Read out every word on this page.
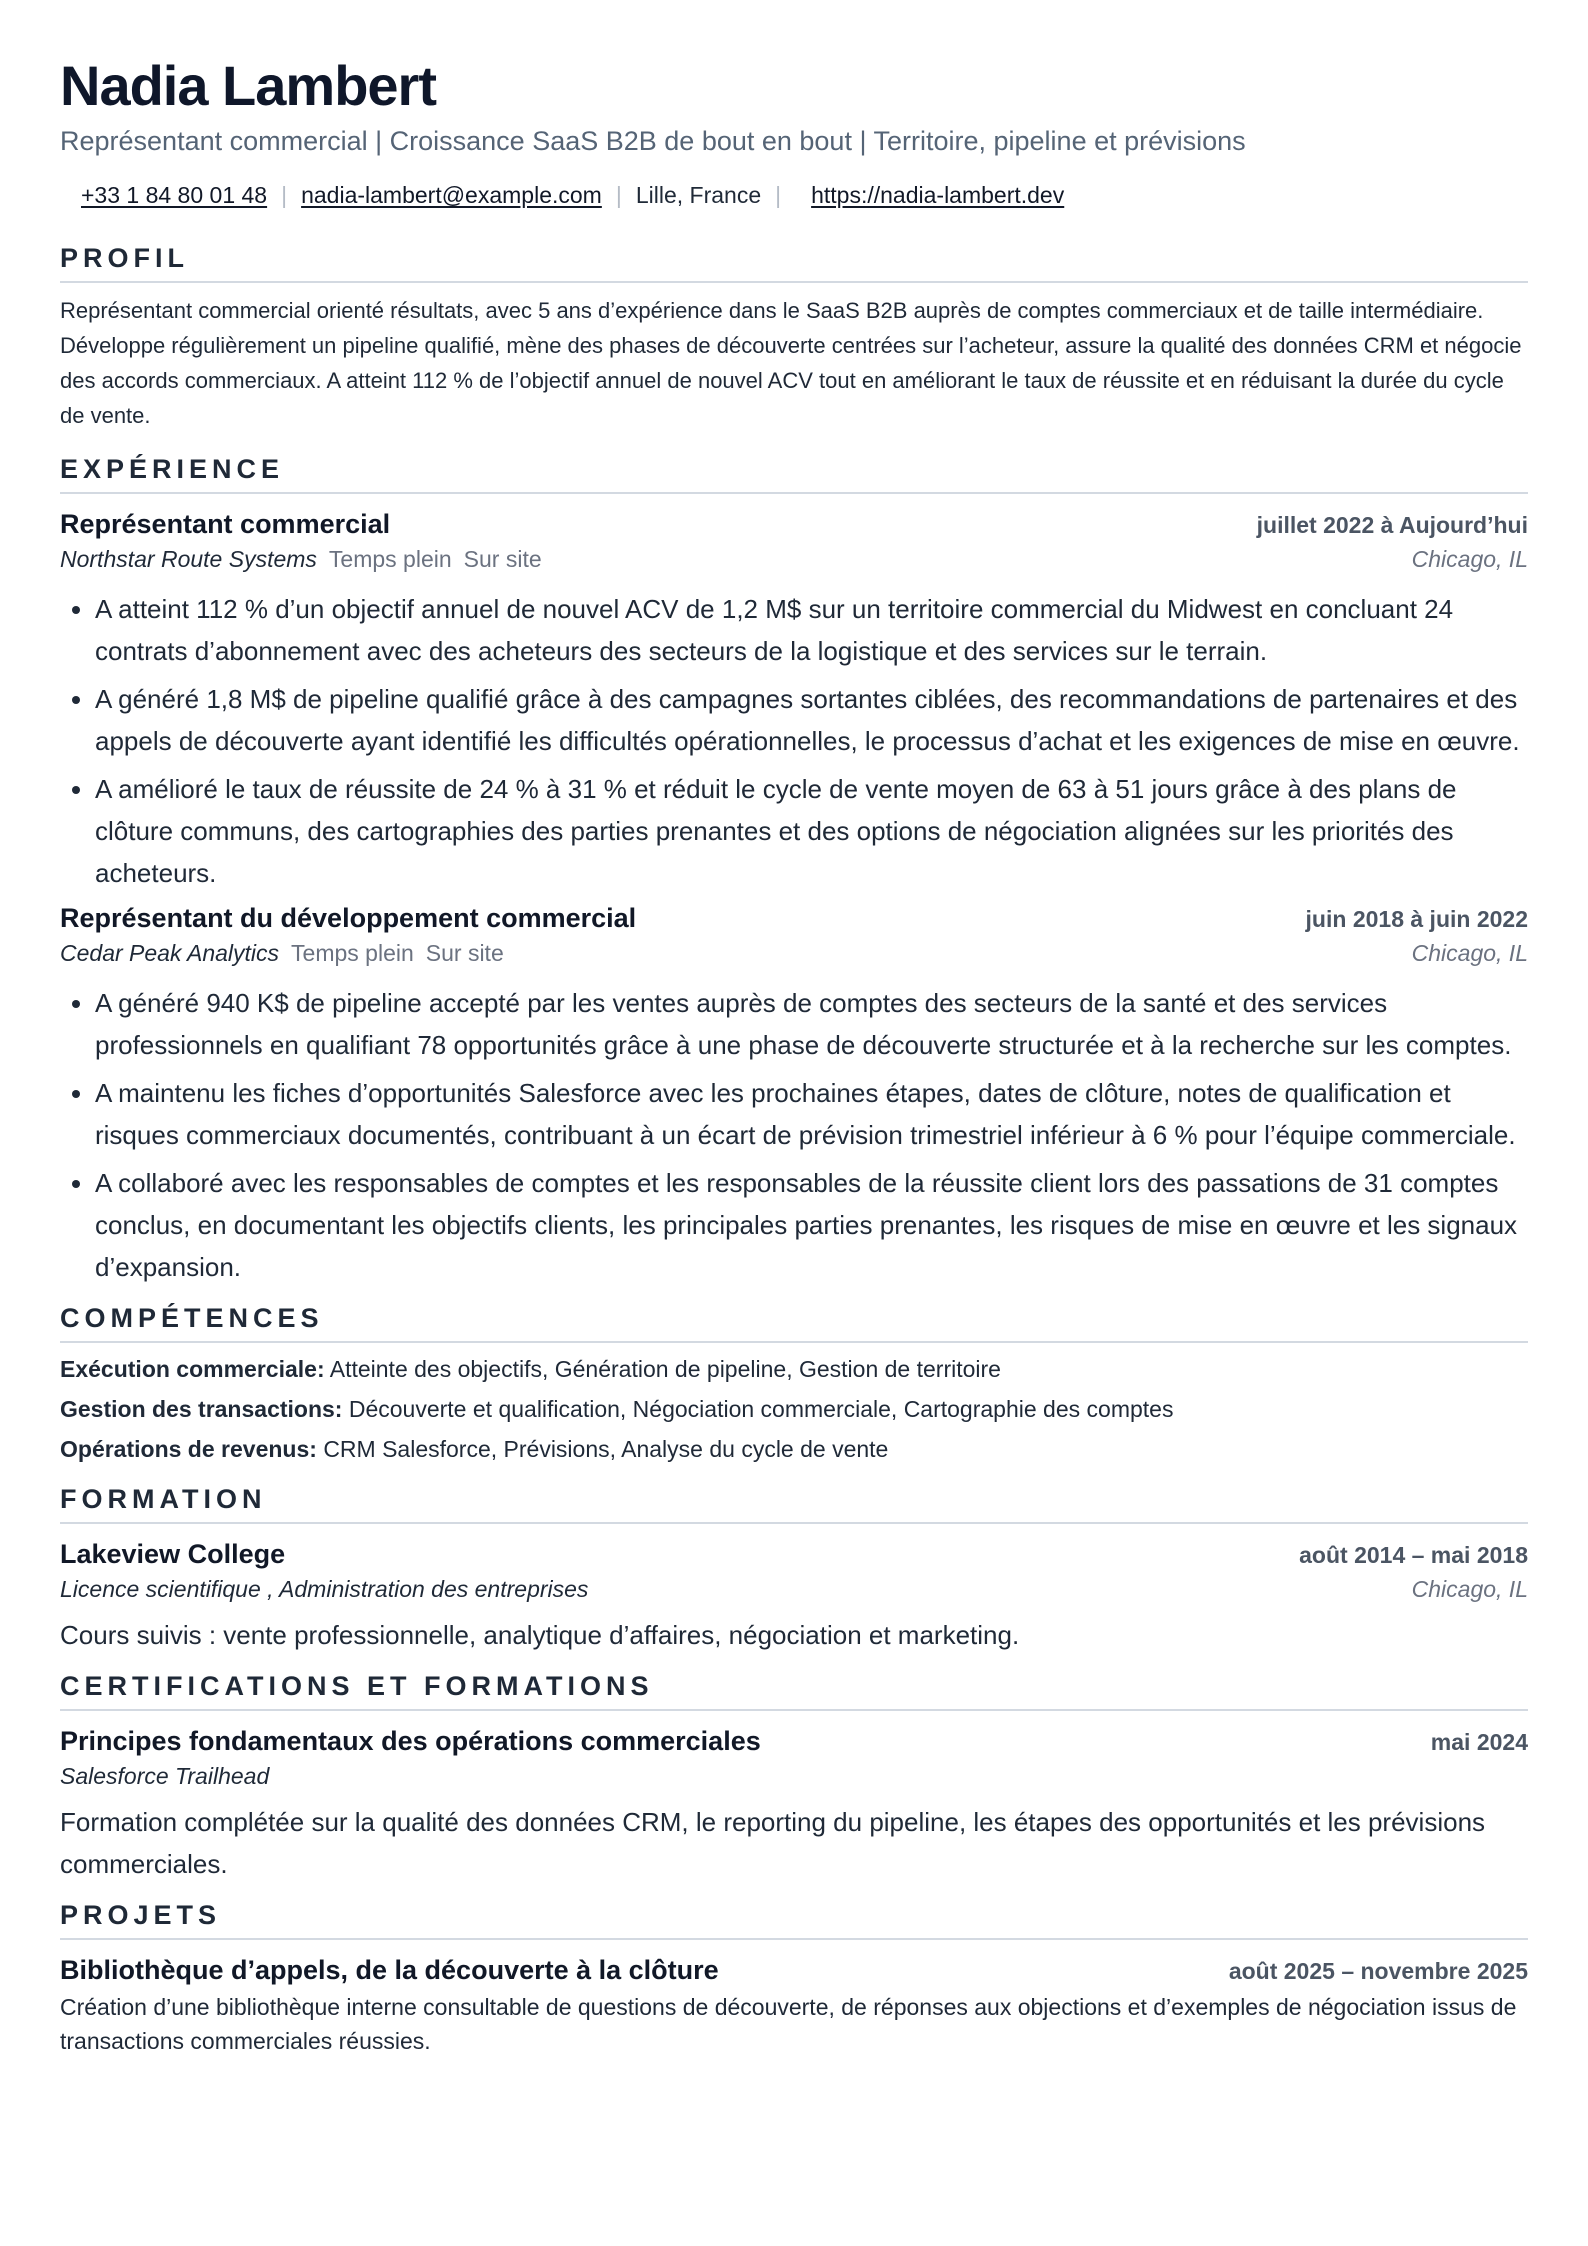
Nadia Lambert
Représentant commercial | Croissance SaaS B2B de bout en bout | Territoire, pipeline et prévisions
+33 1 84 80 01 48 | nadia-lambert@example.com | Lille, France | https://nadia-lambert.dev
PROFIL
Représentant commercial orienté résultats, avec 5 ans d’expérience dans le SaaS B2B auprès de comptes commerciaux et de taille intermédiaire. Développe régulièrement un pipeline qualifié, mène des phases de découverte centrées sur l’acheteur, assure la qualité des données CRM et négocie des accords commerciaux. A atteint 112 % de l’objectif annuel de nouvel ACV tout en améliorant le taux de réussite et en réduisant la durée du cycle de vente.
EXPÉRIENCE
Représentant commercial	juillet 2022 à Aujourd’hui
Northstar Route Systems Temps plein Sur site	Chicago, IL
• A atteint 112 % d’un objectif annuel de nouvel ACV de 1,2 M$ sur un territoire commercial du Midwest en concluant 24 contrats d’abonnement avec des acheteurs des secteurs de la logistique et des services sur le terrain.
• A généré 1,8 M$ de pipeline qualifié grâce à des campagnes sortantes ciblées, des recommandations de partenaires et des appels de découverte ayant identifié les difficultés opérationnelles, le processus d’achat et les exigences de mise en œuvre.
• A amélioré le taux de réussite de 24 % à 31 % et réduit le cycle de vente moyen de 63 à 51 jours grâce à des plans de clôture communs, des cartographies des parties prenantes et des options de négociation alignées sur les priorités des acheteurs.
Représentant du développement commercial	juin 2018 à juin 2022
Cedar Peak Analytics Temps plein Sur site	Chicago, IL
• A généré 940 K$ de pipeline accepté par les ventes auprès de comptes des secteurs de la santé et des services professionnels en qualifiant 78 opportunités grâce à une phase de découverte structurée et à la recherche sur les comptes.
• A maintenu les fiches d’opportunités Salesforce avec les prochaines étapes, dates de clôture, notes de qualification et risques commerciaux documentés, contribuant à un écart de prévision trimestriel inférieur à 6 % pour l’équipe commerciale.
• A collaboré avec les responsables de comptes et les responsables de la réussite client lors des passations de 31 comptes conclus, en documentant les objectifs clients, les principales parties prenantes, les risques de mise en œuvre et les signaux d’expansion.
COMPÉTENCES
Exécution commerciale: Atteinte des objectifs, Génération de pipeline, Gestion de territoire
Gestion des transactions: Découverte et qualification, Négociation commerciale, Cartographie des comptes
Opérations de revenus: CRM Salesforce, Prévisions, Analyse du cycle de vente
FORMATION
Lakeview College	août 2014 – mai 2018
Licence scientifique , Administration des entreprises	Chicago, IL
Cours suivis : vente professionnelle, analytique d’affaires, négociation et marketing.
CERTIFICATIONS ET FORMATIONS
Principes fondamentaux des opérations commerciales	mai 2024
Salesforce Trailhead
Formation complétée sur la qualité des données CRM, le reporting du pipeline, les étapes des opportunités et les prévisions commerciales.
PROJETS
Bibliothèque d’appels, de la découverte à la clôture	août 2025 – novembre 2025
Création d’une bibliothèque interne consultable de questions de découverte, de réponses aux objections et d’exemples de négociation issus de transactions commerciales réussies.
